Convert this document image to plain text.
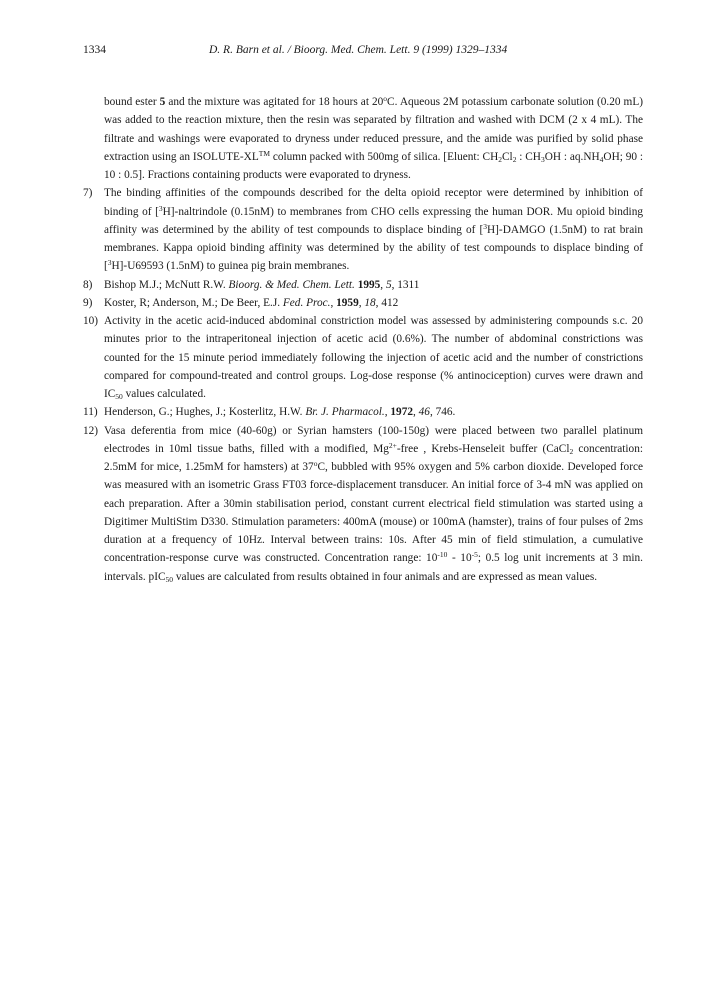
1334	D. R. Barn et al. / Bioorg. Med. Chem. Lett. 9 (1999) 1329–1334

bound ester 5 and the mixture was agitated for 18 hours at 20$^o$C. Aqueous 2M potassium carbonate solution (0.20 mL) was added to the reaction mixture, then the resin was separated by filtration and washed with DCM (2 x 4 mL). The filtrate and washings were evaporated to dryness under reduced pressure, and the amide was purified by solid phase extraction using an ISOLUTE-XL™ column packed with 500mg of silica. [Eluent: $CH_2Cl_2$ : $CH_3OH$ : $aq.NH_4OH$; 90 : 10 : 0.5]. Fractions containing products were evaporated to dryness.

7) The binding affinities of the compounds described for the delta opioid receptor were determined by inhibition of binding of [$^3$H]-naltrindole (0.15nM) to membranes from CHO cells expressing the human DOR. Mu opioid binding affinity was determined by the ability of test compounds to displace binding of [$^3$H]-DAMGO (1.5nM) to rat brain membranes. Kappa opioid binding affinity was determined by the ability of test compounds to displace binding of [$^3$H]-U69593 (1.5nM) to guinea pig brain membranes.

8) Bishop M.J.; McNutt R.W. Bioorg. & Med. Chem. Lett. 1995, 5, 1311

9) Koster, R; Anderson, M.; De Beer, E.J. Fed. Proc., 1959, 18, 412

10) Activity in the acetic acid-induced abdominal constriction model was assessed by administering compounds s.c. 20 minutes prior to the intraperitoneal injection of acetic acid (0.6%). The number of abdominal constrictions was counted for the 15 minute period immediately following the injection of acetic acid and the number of constrictions compared for compound-treated and control groups. Log-dose response (% antinociception) curves were drawn and $IC_{50}$ values calculated.

11) Henderson, G.; Hughes, J.; Kosterlitz, H.W. Br. J. Pharmacol., 1972, 46, 746.

12) Vasa deferentia from mice (40-60g) or Syrian hamsters (100-150g) were placed between two parallel platinum electrodes in 10ml tissue baths, filled with a modified, $Mg^{2+}$-free , Krebs-Henseleit buffer (CaCl$_2$ concentration: 2.5mM for mice, 1.25mM for hamsters) at 37$^o$C, bubbled with 95% oxygen and 5% carbon dioxide. Developed force was measured with an isometric Grass FT03 force-displacement transducer. An initial force of 3-4 mN was applied on each preparation. After a 30min stabilisation period, constant current electrical field stimulation was started using a Digitimer MultiStim D330. Stimulation parameters: 400mA (mouse) or 100mA (hamster), trains of four pulses of 2ms duration at a frequency of 10Hz. Interval between trains: 10s. After 45 min of field stimulation, a cumulative concentration-response curve was constructed. Concentration range: $10^{-10} - 10^{-5}$; 0.5 log unit increments at 3 min. intervals. pIC$_{50}$ values are calculated from results obtained in four animals and are expressed as mean values.
